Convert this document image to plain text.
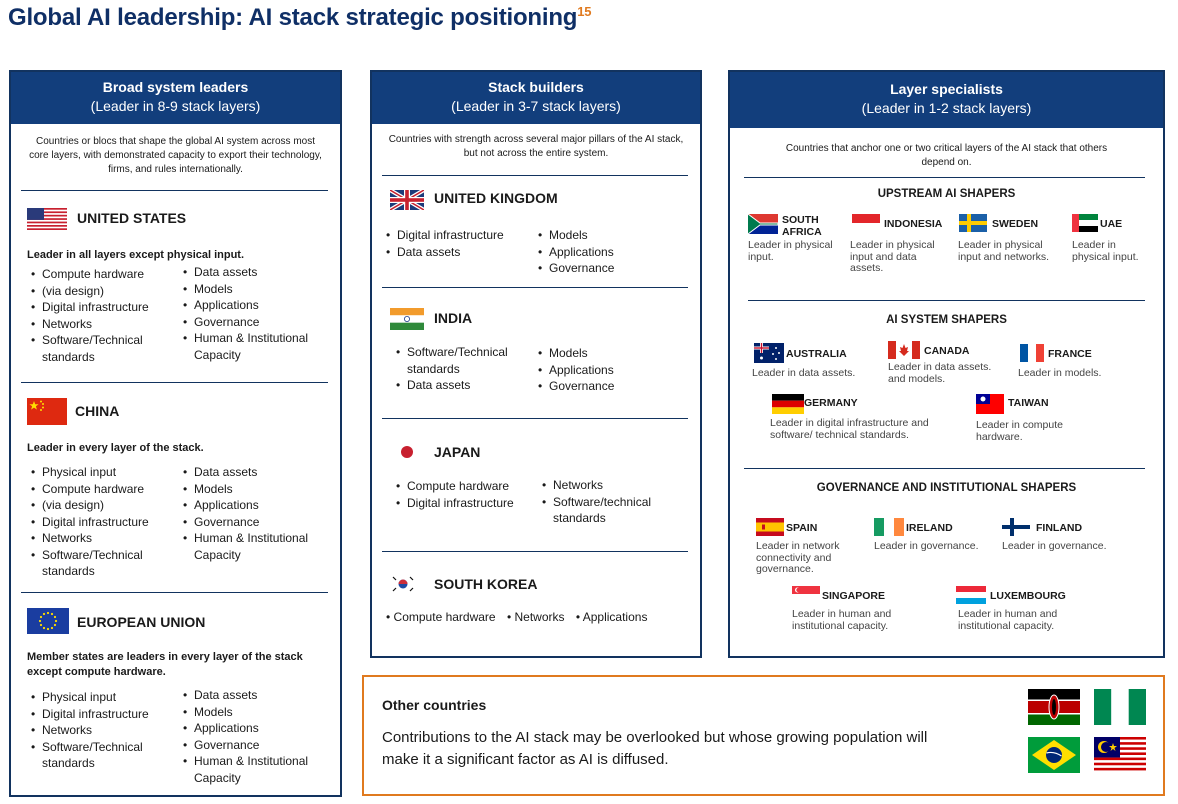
Global AI leadership: AI stack strategic positioning$^{15}$
Broad system leaders
(Leader in 8-9 stack layers)
Countries or blocs that shape the global AI system across most core layers, with demonstrated capacity to export their technology, firms, and rules internationally.
UNITED STATES
Leader in all layers except physical input.
• Compute hardware
• (via design)
• Digital infrastructure
• Networks
• Software/Technical standards
• Data assets
• Models
• Applications
• Governance
• Human & Institutional Capacity
CHINA
Leader in every layer of the stack.
• Physical input
• Compute hardware
• (via design)
• Digital infrastructure
• Networks
• Software/Technical standards
• Data assets
• Models
• Applications
• Governance
• Human & Institutional Capacity
EUROPEAN UNION
Member states are leaders in every layer of the stack except compute hardware.
• Physical input
• Digital infrastructure
• Networks
• Software/Technical standards
• Data assets
• Models
• Applications
• Governance
• Human & Institutional Capacity
Stack builders
(Leader in 3-7 stack layers)
Countries with strength across several major pillars of the AI stack, but not across the entire system.
UNITED KINGDOM
• Digital infrastructure
• Data assets
• Models
• Applications
• Governance
INDIA
• Software/Technical standards
• Data assets
• Models
• Applications
• Governance
JAPAN
• Compute hardware
• Digital infrastructure
• Networks
• Software/technical standards
SOUTH KOREA
• Compute hardware • Networks • Applications
Layer specialists
(Leader in 1-2 stack layers)
Countries that anchor one or two critical layers of the AI stack that others depend on.
UPSTREAM AI SHAPERS
SOUTH AFRICA
Leader in physical input.
INDONESIA
Leader in physical input and data assets.
SWEDEN
Leader in physical input and networks.
UAE
Leader in physical input.
AI SYSTEM SHAPERS
AUSTRALIA
Leader in data assets.
CANADA
Leader in data assets. and models.
FRANCE
Leader in models.
GERMANY
Leader in digital infrastructure and software/ technical standards.
TAIWAN
Leader in compute hardware.
GOVERNANCE AND INSTITUTIONAL SHAPERS
SPAIN
Leader in network connectivity and governance.
IRELAND
Leader in governance.
FINLAND
Leader in governance.
SINGAPORE
Leader in human and institutional capacity.
LUXEMBOURG
Leader in human and institutional capacity.
Other countries
Contributions to the AI stack may be overlooked but whose growing population will make it a significant factor as AI is diffused.
